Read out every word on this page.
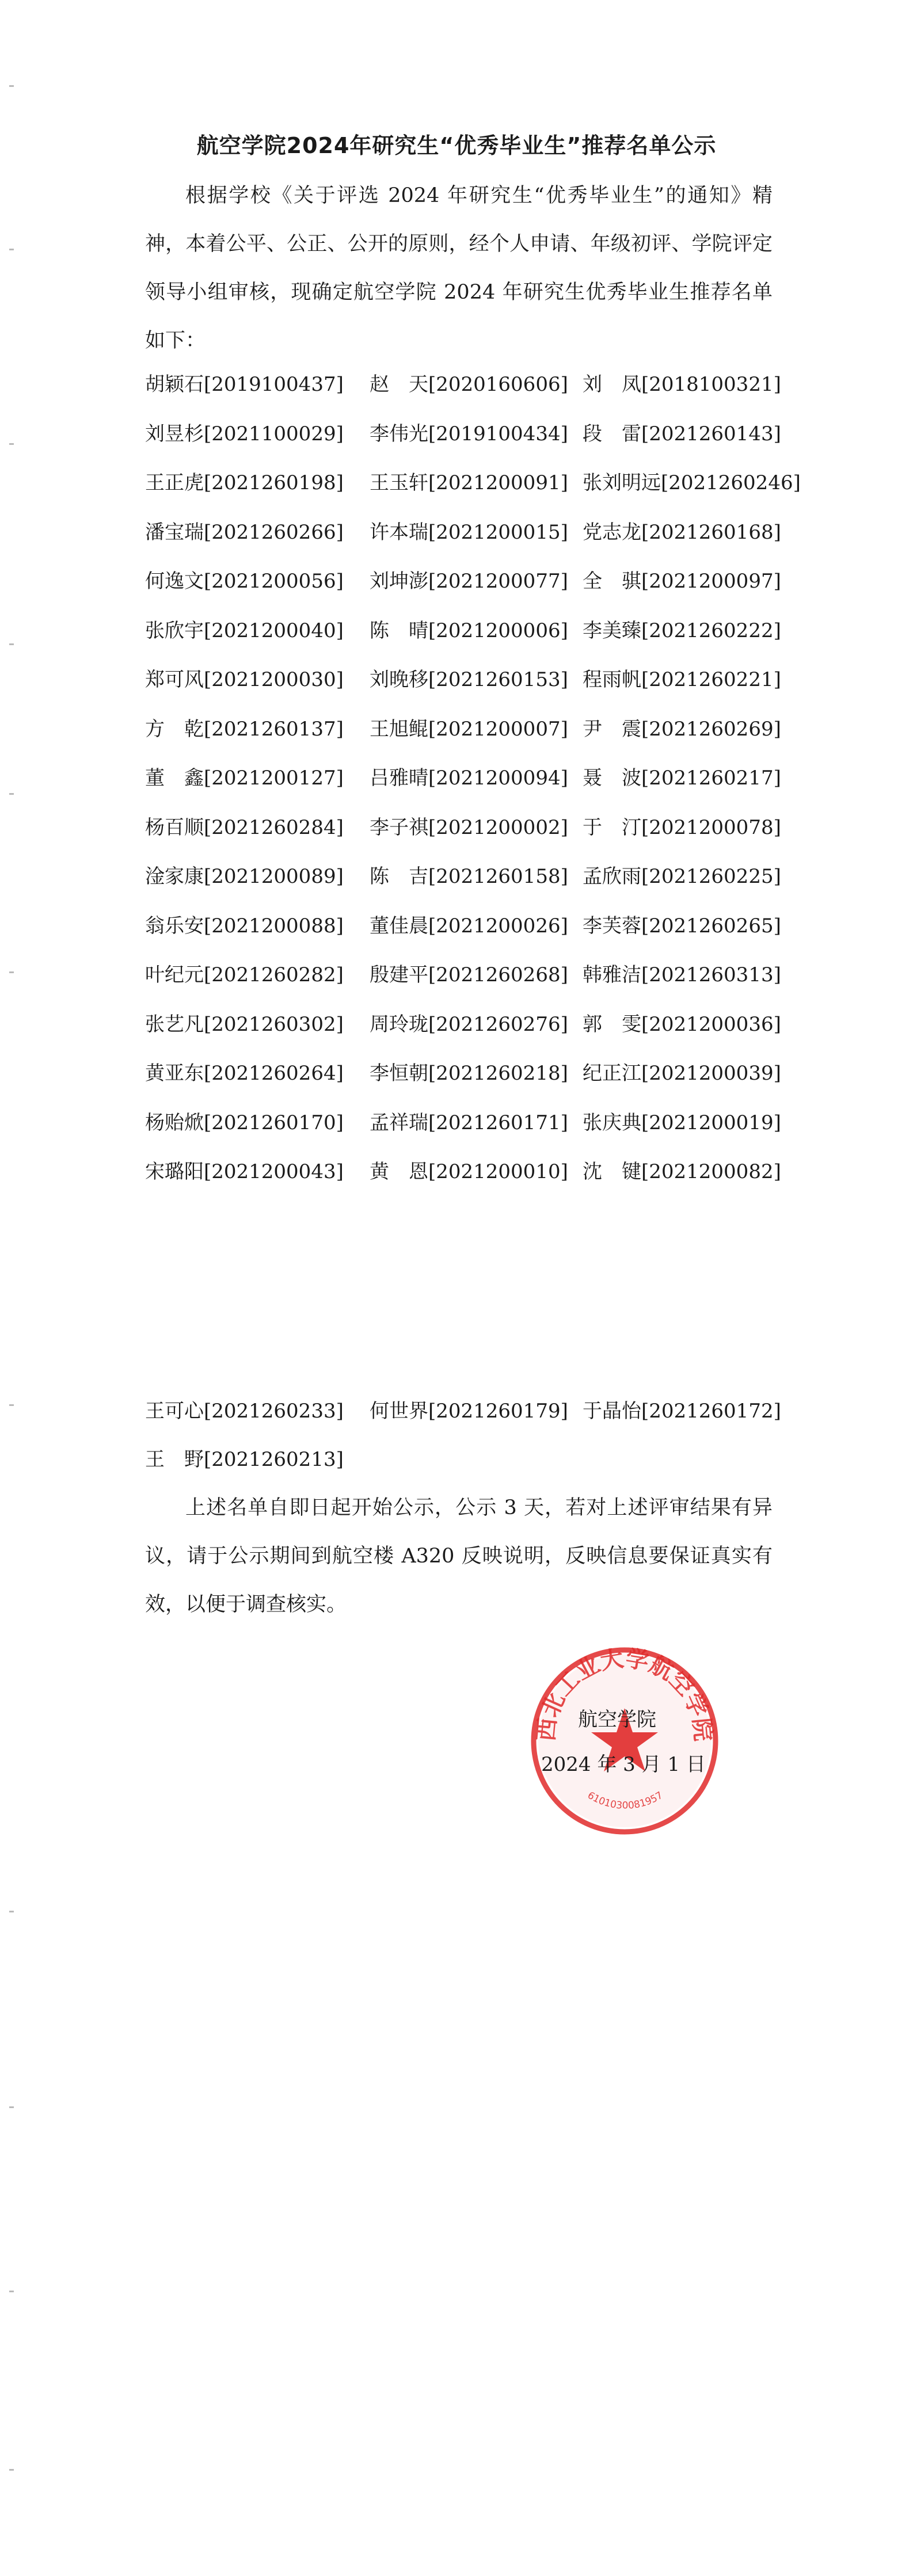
航空学院2024年研究生“优秀毕业生”推荐名单公示
根据学校《关于评选 2024 年研究生“优秀毕业生”的通知》精神，本着公平、公正、公开的原则，经个人申请、年级初评、学院评定领导小组审核，现确定航空学院 2024 年研究生优秀毕业生推荐名单如下：
胡颖石[2019100437] 赵　天[2020160606] 刘　凤[2018100321]
刘昱杉[2021100029] 李伟光[2019100434] 段　雷[2021260143]
王正虎[2021260198] 王玉轩[2021200091] 张刘明远[2021260246]
潘宝瑞[2021260266] 许本瑞[2021200015] 党志龙[2021260168]
何逸文[2021200056] 刘坤澎[2021200077] 全　骐[2021200097]
张欣宇[2021200040] 陈　晴[2021200006] 李美臻[2021260222]
郑可风[2021200030] 刘晚移[2021260153] 程雨帆[2021260221]
方　乾[2021260137] 王旭鲲[2021200007] 尹　震[2021260269]
董　鑫[2021200127] 吕雅晴[2021200094] 聂　波[2021260217]
杨百顺[2021260284] 李子祺[2021200002] 于　汀[2021200078]
淦家康[2021200089] 陈　吉[2021260158] 孟欣雨[2021260225]
翁乐安[2021200088] 董佳晨[2021200026] 李芙蓉[2021260265]
叶纪元[2021260282] 殷建平[2021260268] 韩雅洁[2021260313]
张艺凡[2021260302] 周玲珑[2021260276] 郭　雯[2021200036]
黄亚东[2021260264] 李恒朝[2021260218] 纪正江[2021200039]
杨贻焮[2021260170] 孟祥瑞[2021260171] 张庆典[2021200019]
宋璐阳[2021200043] 黄　恩[2021200010] 沈　键[2021200082]
王可心[2021260233] 何世界[2021260179] 于晶怡[2021260172]
王　野[2021260213]
上述名单自即日起开始公示，公示 3 天，若对上述评审结果有异议，请于公示期间到航空楼 A320 反映说明，反映信息要保证真实有效，以便于调查核实。
西北工业大学航空学院
6101030081957
航空学院
2024 年 3 月 1 日
